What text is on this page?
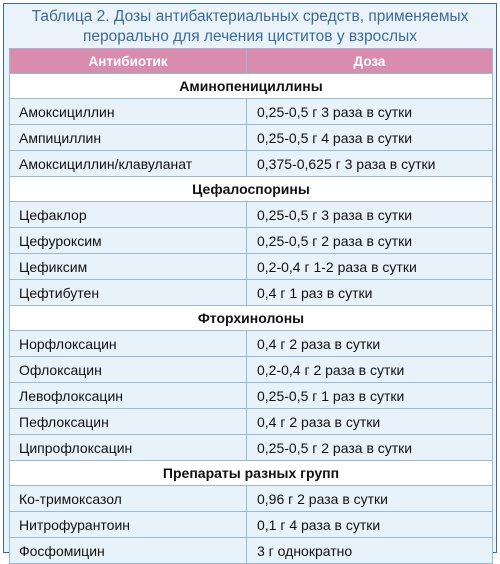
Таблица 2. Дозы антибактериальных средств, применяемых
перорально для лечения циститов у взрослых
Антибиотик	Доза
Аминопенициллины	
Амоксициллин	0,25-0,5 г 3 раза в сутки
Ампициллин	0,25-0,5 г 4 раза в сутки
Амоксициллин/клавуланат	0,375-0,625 г 3 раза в сутки
Цефалоспорины	
Цефаклор	0,25-0,5 г 3 раза в сутки
Цефуроксим	0,25-0,5 г 2 раза в сутки
Цефиксим	0,2-0,4 г 1-2 раза в сутки
Цефтибутен	0,4 г 1 раз в сутки
Фторхинолоны	
Норфлоксацин	0,4 г 2 раза в сутки
Офлоксацин	0,2-0,4 г 2 раза в сутки
Левофлоксацин	0,25-0,5 г 1 раз в сутки
Пефлоксацин	0,4 г 2 раза в сутки
Ципрофлоксацин	0,25-0,5 г 2 раза в сутки
Препараты разных групп	
Ко-тримоксазол	0,96 г 2 раза в сутки
Нитрофурантоин	0,1 г 4 раза в сутки
Фосфомицин	3 г однократно
